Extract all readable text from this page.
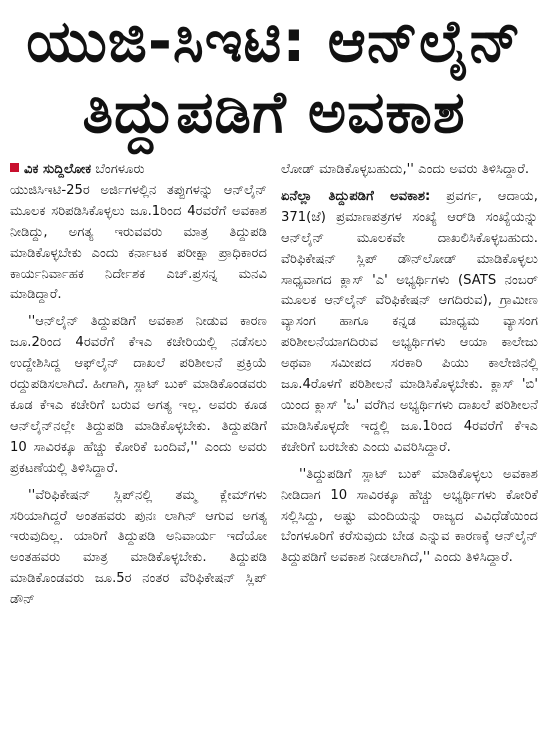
ಯುಜಿ-ಸಿಇಟಿ: ಆನ್‌ಲೈನ್
ತಿದ್ದುಪಡಿಗೆ ಅವಕಾಶ

ವಿಕ ಸುದ್ದಿಲೋಕ ಬೆಂಗಳೂರು
ಯುಜಿಸಿಇಟಿ-25ರ ಅರ್ಜಿಗಳಲ್ಲಿನ ತಪ್ಪುಗಳನ್ನು ಆನ್‌ಲೈನ್ ಮೂಲಕ ಸರಿಪಡಿಸಿಕೊಳ್ಳಲು ಜೂ.1ರಿಂದ 4ರವರೆಗೆ ಅವಕಾಶ ನೀಡಿದ್ದು, ಅಗತ್ಯ ಇರುವವರು ಮಾತ್ರ ತಿದ್ದುಪಡಿ ಮಾಡಿಕೊಳ್ಳಬೇಕು ಎಂದು ಕರ್ನಾಟಕ ಪರೀಕ್ಷಾ ಪ್ರಾಧಿಕಾರದ ಕಾರ್ಯನಿರ್ವಾಹಕ ನಿರ್ದೇಶಕ ಎಚ್.ಪ್ರಸನ್ನ ಮನವಿ ಮಾಡಿದ್ದಾರೆ.

''ಆನ್‌ಲೈನ್ ತಿದ್ದುಪಡಿಗೆ ಅವಕಾಶ ನೀಡುವ ಕಾರಣ ಜೂ.2ರಿಂದ 4ರವರೆಗೆ ಕೆಇಎ ಕಚೇರಿಯಲ್ಲಿ ನಡೆಸಲು ಉದ್ದೇಶಿಸಿದ್ದ ಆಫ್‌ಲೈನ್ ದಾಖಲೆ ಪರಿಶೀಲನೆ ಪ್ರಕ್ರಿಯೆ ರದ್ದುಪಡಿಸಲಾಗಿದೆ. ಹೀಗಾಗಿ, ಸ್ಲಾಟ್ ಬುಕ್ ಮಾಡಿಕೊಂಡವರು ಕೂಡ ಕೆಇಎ ಕಚೇರಿಗೆ ಬರುವ ಅಗತ್ಯ ಇಲ್ಲ. ಅವರು ಕೂಡ ಆನ್‌ಲೈನ್‌ನಲ್ಲೇ ತಿದ್ದುಪಡಿ ಮಾಡಿಕೊಳ್ಳಬೇಕು. ತಿದ್ದುಪಡಿಗೆ 10 ಸಾವಿರಕ್ಕೂ ಹೆಚ್ಚು ಕೋರಿಕೆ ಬಂದಿವೆ,'' ಎಂದು ಅವರು ಪ್ರಕಟಣೆಯಲ್ಲಿ ತಿಳಿಸಿದ್ದಾರೆ.

''ವೆರಿಫಿಕೇಷನ್ ಸ್ಲಿಪ್‌ನಲ್ಲಿ ತಮ್ಮ ಕ್ಲೇಮ್‌ಗಳು ಸರಿಯಾಗಿದ್ದರೆ ಅಂತಹವರು ಪುನಃ ಲಾಗಿನ್ ಆಗುವ ಅಗತ್ಯ ಇರುವುದಿಲ್ಲ. ಯಾರಿಗೆ ತಿದ್ದುಪಡಿ ಅನಿವಾರ್ಯ ಇದೆಯೋ ಅಂತಹವರು ಮಾತ್ರ ಮಾಡಿಕೊಳ್ಳಬೇಕು. ತಿದ್ದುಪಡಿ ಮಾಡಿಕೊಂಡವರು ಜೂ.5ರ ನಂತರ ವೆರಿಫಿಕೇಷನ್ ಸ್ಲಿಪ್ ಡೌನ್

ಲೋಡ್ ಮಾಡಿಕೊಳ್ಳಬಹುದು,'' ಎಂದು ಅವರು ತಿಳಿಸಿದ್ದಾರೆ.

ಏನೆಲ್ಲಾ ತಿದ್ದುಪಡಿಗೆ ಅವಕಾಶ: ಪ್ರವರ್ಗ, ಆದಾಯ, 371(ಜೆ) ಪ್ರಮಾಣಪತ್ರಗಳ ಸಂಖ್ಯೆ ಆರ್‌ಡಿ ಸಂಖ್ಯೆಯನ್ನು ಆನ್‌ಲೈನ್ ಮೂಲಕವೇ ದಾಖಲಿಸಿಕೊಳ್ಳಬಹುದು. ವೆರಿಫಿಕೇಷನ್ ಸ್ಲಿಪ್ ಡೌನ್‌ಲೋಡ್ ಮಾಡಿಕೊಳ್ಳಲು ಸಾಧ್ಯವಾಗದ ಕ್ಲಾಸ್ 'ಎ' ಅಭ್ಯರ್ಥಿಗಳು (SATS ನಂಬರ್ ಮೂಲಕ ಆನ್‌ಲೈನ್ ವೆರಿಫಿಕೇಷನ್ ಆಗದಿರುವ), ಗ್ರಾಮೀಣ ವ್ಯಾಸಂಗ ಹಾಗೂ ಕನ್ನಡ ಮಾಧ್ಯಮ ವ್ಯಾಸಂಗ ಪರಿಶೀಲನೆಯಾಗದಿರುವ ಅಭ್ಯರ್ಥಿಗಳು ಆಯಾ ಕಾಲೇಜು ಅಥವಾ ಸಮೀಪದ ಸರಕಾರಿ ಪಿಯು ಕಾಲೇಜಿನಲ್ಲಿ ಜೂ.4ರೊಳಗೆ ಪರಿಶೀಲನೆ ಮಾಡಿಸಿಕೊಳ್ಳಬೇಕು. ಕ್ಲಾಸ್ 'ಬಿ' ಯಿಂದ ಕ್ಲಾಸ್ 'ಒ' ವರೆಗಿನ ಅಭ್ಯರ್ಥಿಗಳು ದಾಖಲೆ ಪರಿಶೀಲನೆ ಮಾಡಿಸಿಕೊಳ್ಳದೇ ಇದ್ದಲ್ಲಿ ಜೂ.1ರಿಂದ 4ರವರೆಗೆ ಕೆಇಎ ಕಚೇರಿಗೆ ಬರಬೇಕು ಎಂದು ವಿವರಿಸಿದ್ದಾರೆ.

''ತಿದ್ದುಪಡಿಗೆ ಸ್ಲಾಟ್ ಬುಕ್ ಮಾಡಿಕೊಳ್ಳಲು ಅವಕಾಶ ನೀಡಿದಾಗ 10 ಸಾವಿರಕ್ಕೂ ಹೆಚ್ಚು ಅಭ್ಯರ್ಥಿಗಳು ಕೋರಿಕೆ ಸಲ್ಲಿಸಿದ್ದು, ಅಷ್ಟು ಮಂದಿಯನ್ನು ರಾಜ್ಯದ ವಿವಿಧೆಡೆಯಿಂದ ಬೆಂಗಳೂರಿಗೆ ಕರೆಸುವುದು ಬೇಡ ಎನ್ನುವ ಕಾರಣಕ್ಕೆ ಆನ್‌ಲೈನ್ ತಿದ್ದುಪಡಿಗೆ ಅವಕಾಶ ನೀಡಲಾಗಿದೆ,'' ಎಂದು ತಿಳಿಸಿದ್ದಾರೆ.
